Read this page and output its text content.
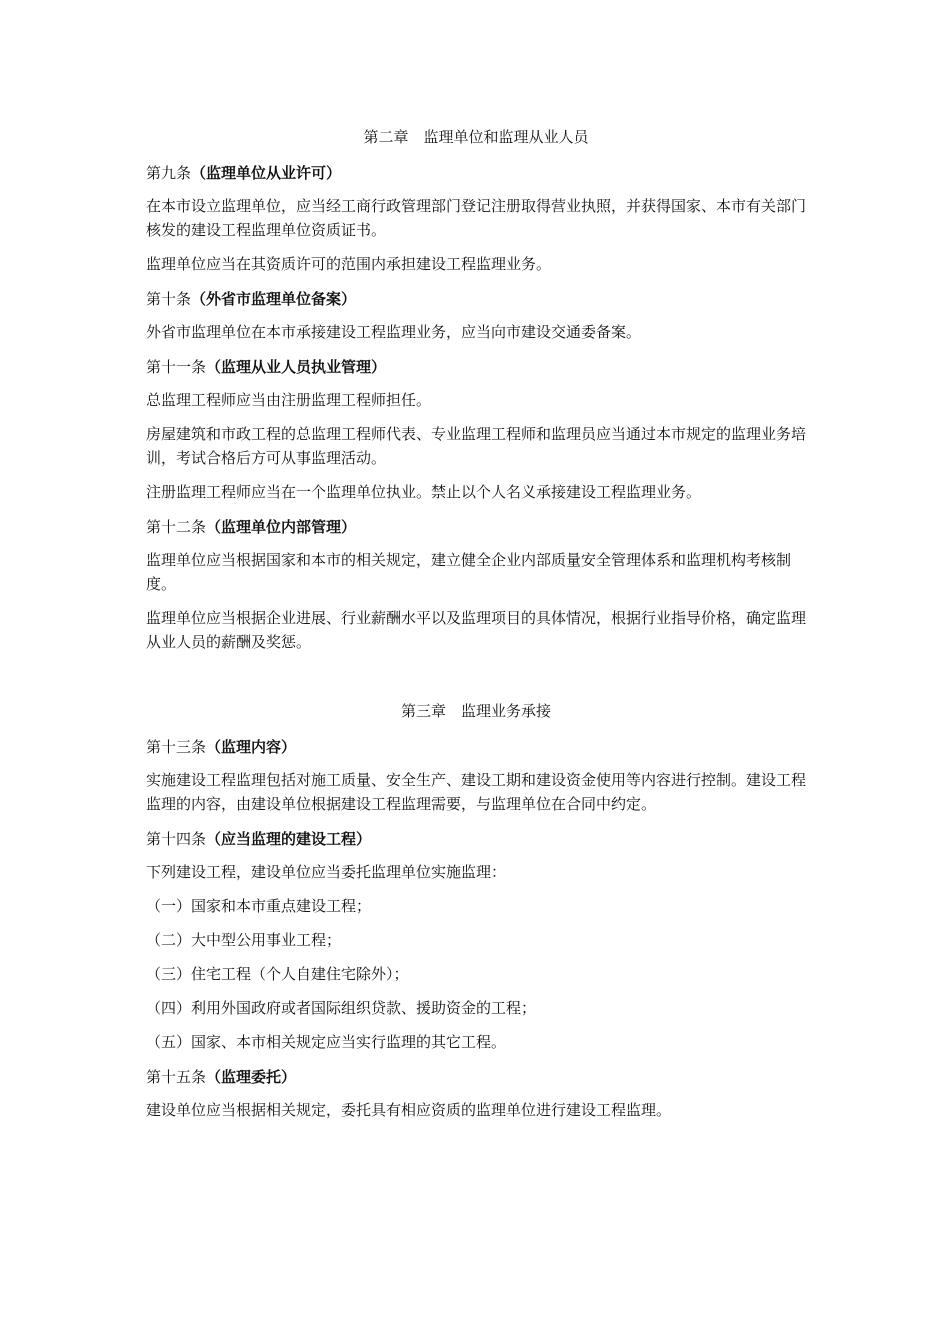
第二章　监理单位和监理从业人员

第九条（监理单位从业许可）

在本市设立监理单位，应当经工商行政管理部门登记注册取得营业执照，并获得国家、本市有关部门核发的建设工程监理单位资质证书。

监理单位应当在其资质许可的范围内承担建设工程监理业务。

第十条（外省市监理单位备案）

外省市监理单位在本市承接建设工程监理业务，应当向市建设交通委备案。

第十一条（监理从业人员执业管理）

总监理工程师应当由注册监理工程师担任。

房屋建筑和市政工程的总监理工程师代表、专业监理工程师和监理员应当通过本市规定的监理业务培训，考试合格后方可从事监理活动。

注册监理工程师应当在一个监理单位执业。禁止以个人名义承接建设工程监理业务。

第十二条（监理单位内部管理）

监理单位应当根据国家和本市的相关规定，建立健全企业内部质量安全管理体系和监理机构考核制度。

监理单位应当根据企业进展、行业薪酬水平以及监理项目的具体情况，根据行业指导价格，确定监理从业人员的薪酬及奖惩。

第三章　监理业务承接

第十三条（监理内容）

实施建设工程监理包括对施工质量、安全生产、建设工期和建设资金使用等内容进行控制。建设工程监理的内容，由建设单位根据建设工程监理需要，与监理单位在合同中约定。

第十四条（应当监理的建设工程）

下列建设工程，建设单位应当委托监理单位实施监理：

（一）国家和本市重点建设工程；

（二）大中型公用事业工程；

（三）住宅工程（个人自建住宅除外）；

（四）利用外国政府或者国际组织贷款、援助资金的工程；

（五）国家、本市相关规定应当实行监理的其它工程。

第十五条（监理委托）

建设单位应当根据相关规定，委托具有相应资质的监理单位进行建设工程监理。
